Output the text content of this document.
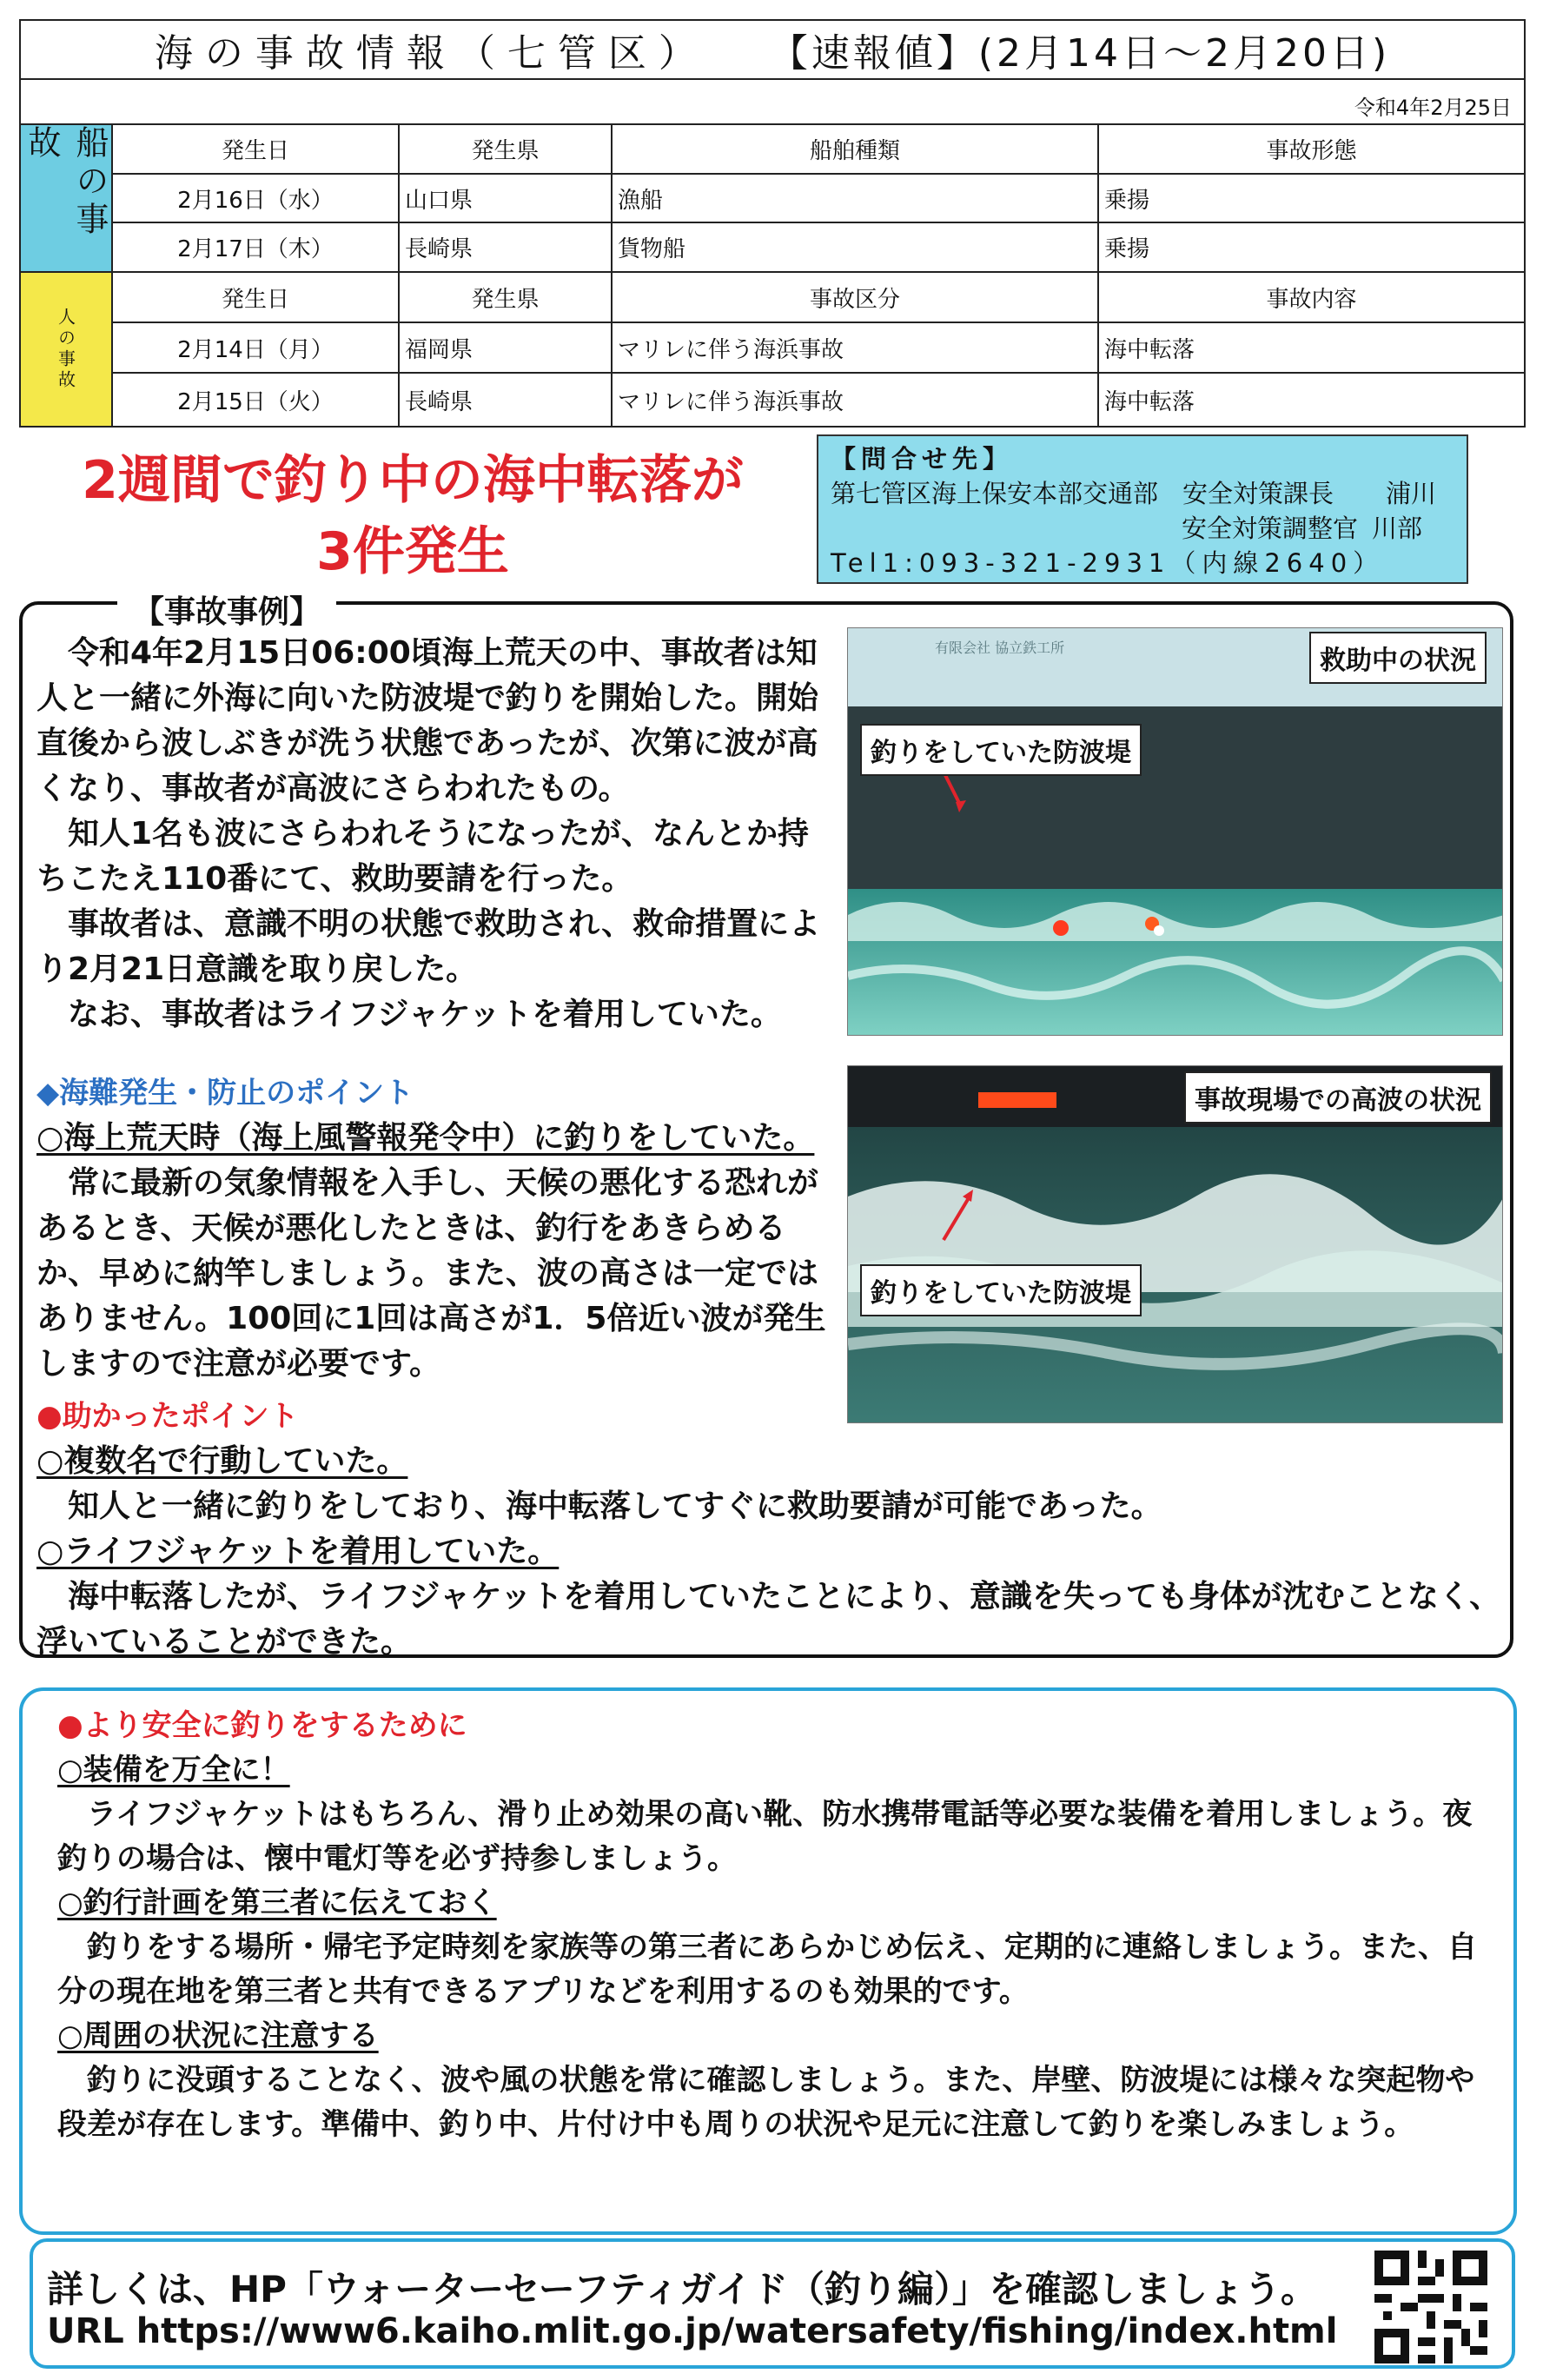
海の事故情報（七管区） 【速報値】(2月14日～2月20日)
令和4年2月25日
船の事故	発生日	発生県	船舶種類	事故形態
2月16日（水）	山口県	漁船	乗揚
2月17日（木）	長崎県	貨物船	乗揚
人の事故
発生日	発生県	事故区分	事故内容
2月14日（月）	福岡県	マリレに伴う海浜事故	海中転落
2月15日（火）	長崎県	マリレに伴う海浜事故	海中転落
2週間で釣り中の海中転落が
3件発生
【問合せ先】
第七管区海上保安本部交通部 安全対策課長 浦川
安全対策調整官 川部
Tel1:093-321-2931（内線2640）
【事故事例】
令和4年2月15日06:00頃海上荒天の中、事故者は知人と一緒に外海に向いた防波堤で釣りを開始した。開始直後から波しぶきが洗う状態であったが、次第に波が高くなり、事故者が高波にさらわれたもの。
知人1名も波にさらわれそうになったが、なんとか持ちこたえ110番にて、救助要請を行った。
事故者は、意識不明の状態で救助され、救命措置により2月21日意識を取り戻した。
なお、事故者はライフジャケットを着用していた。
有限会社 協立鉄工所	救助中の状況
釣りをしていた防波堤
事故現場での高波の状況
釣りをしていた防波堤
◆海難発生・防止のポイント
○海上荒天時（海上風警報発令中）に釣りをしていた。
常に最新の気象情報を入手し、天候の悪化する恐れがあるとき、天候が悪化したときは、釣行をあきらめるか、早めに納竿しましょう。また、波の高さは一定ではありません。100回に1回は高さが1．5倍近い波が発生しますので注意が必要です。
●助かったポイント
○複数名で行動していた。
知人と一緒に釣りをしており、海中転落してすぐに救助要請が可能であった。
○ライフジャケットを着用していた。
海中転落したが、ライフジャケットを着用していたことにより、意識を失っても身体が沈むことなく、浮いていることができた。
●より安全に釣りをするために
○装備を万全に！
ライフジャケットはもちろん、滑り止め効果の高い靴、防水携帯電話等必要な装備を着用しましょう。夜釣りの場合は、懐中電灯等を必ず持参しましょう。
○釣行計画を第三者に伝えておく
釣りをする場所・帰宅予定時刻を家族等の第三者にあらかじめ伝え、定期的に連絡しましょう。また、自分の現在地を第三者と共有できるアプリなどを利用するのも効果的です。
○周囲の状況に注意する
釣りに没頭することなく、波や風の状態を常に確認しましょう。また、岸壁、防波堤には様々な突起物や段差が存在します。準備中、釣り中、片付け中も周りの状況や足元に注意して釣りを楽しみましょう。
詳しくは、HP「ウォーターセーフティガイド（釣り編）」を確認しましょう。
URL https://www6.kaiho.mlit.go.jp/watersafety/fishing/index.html
